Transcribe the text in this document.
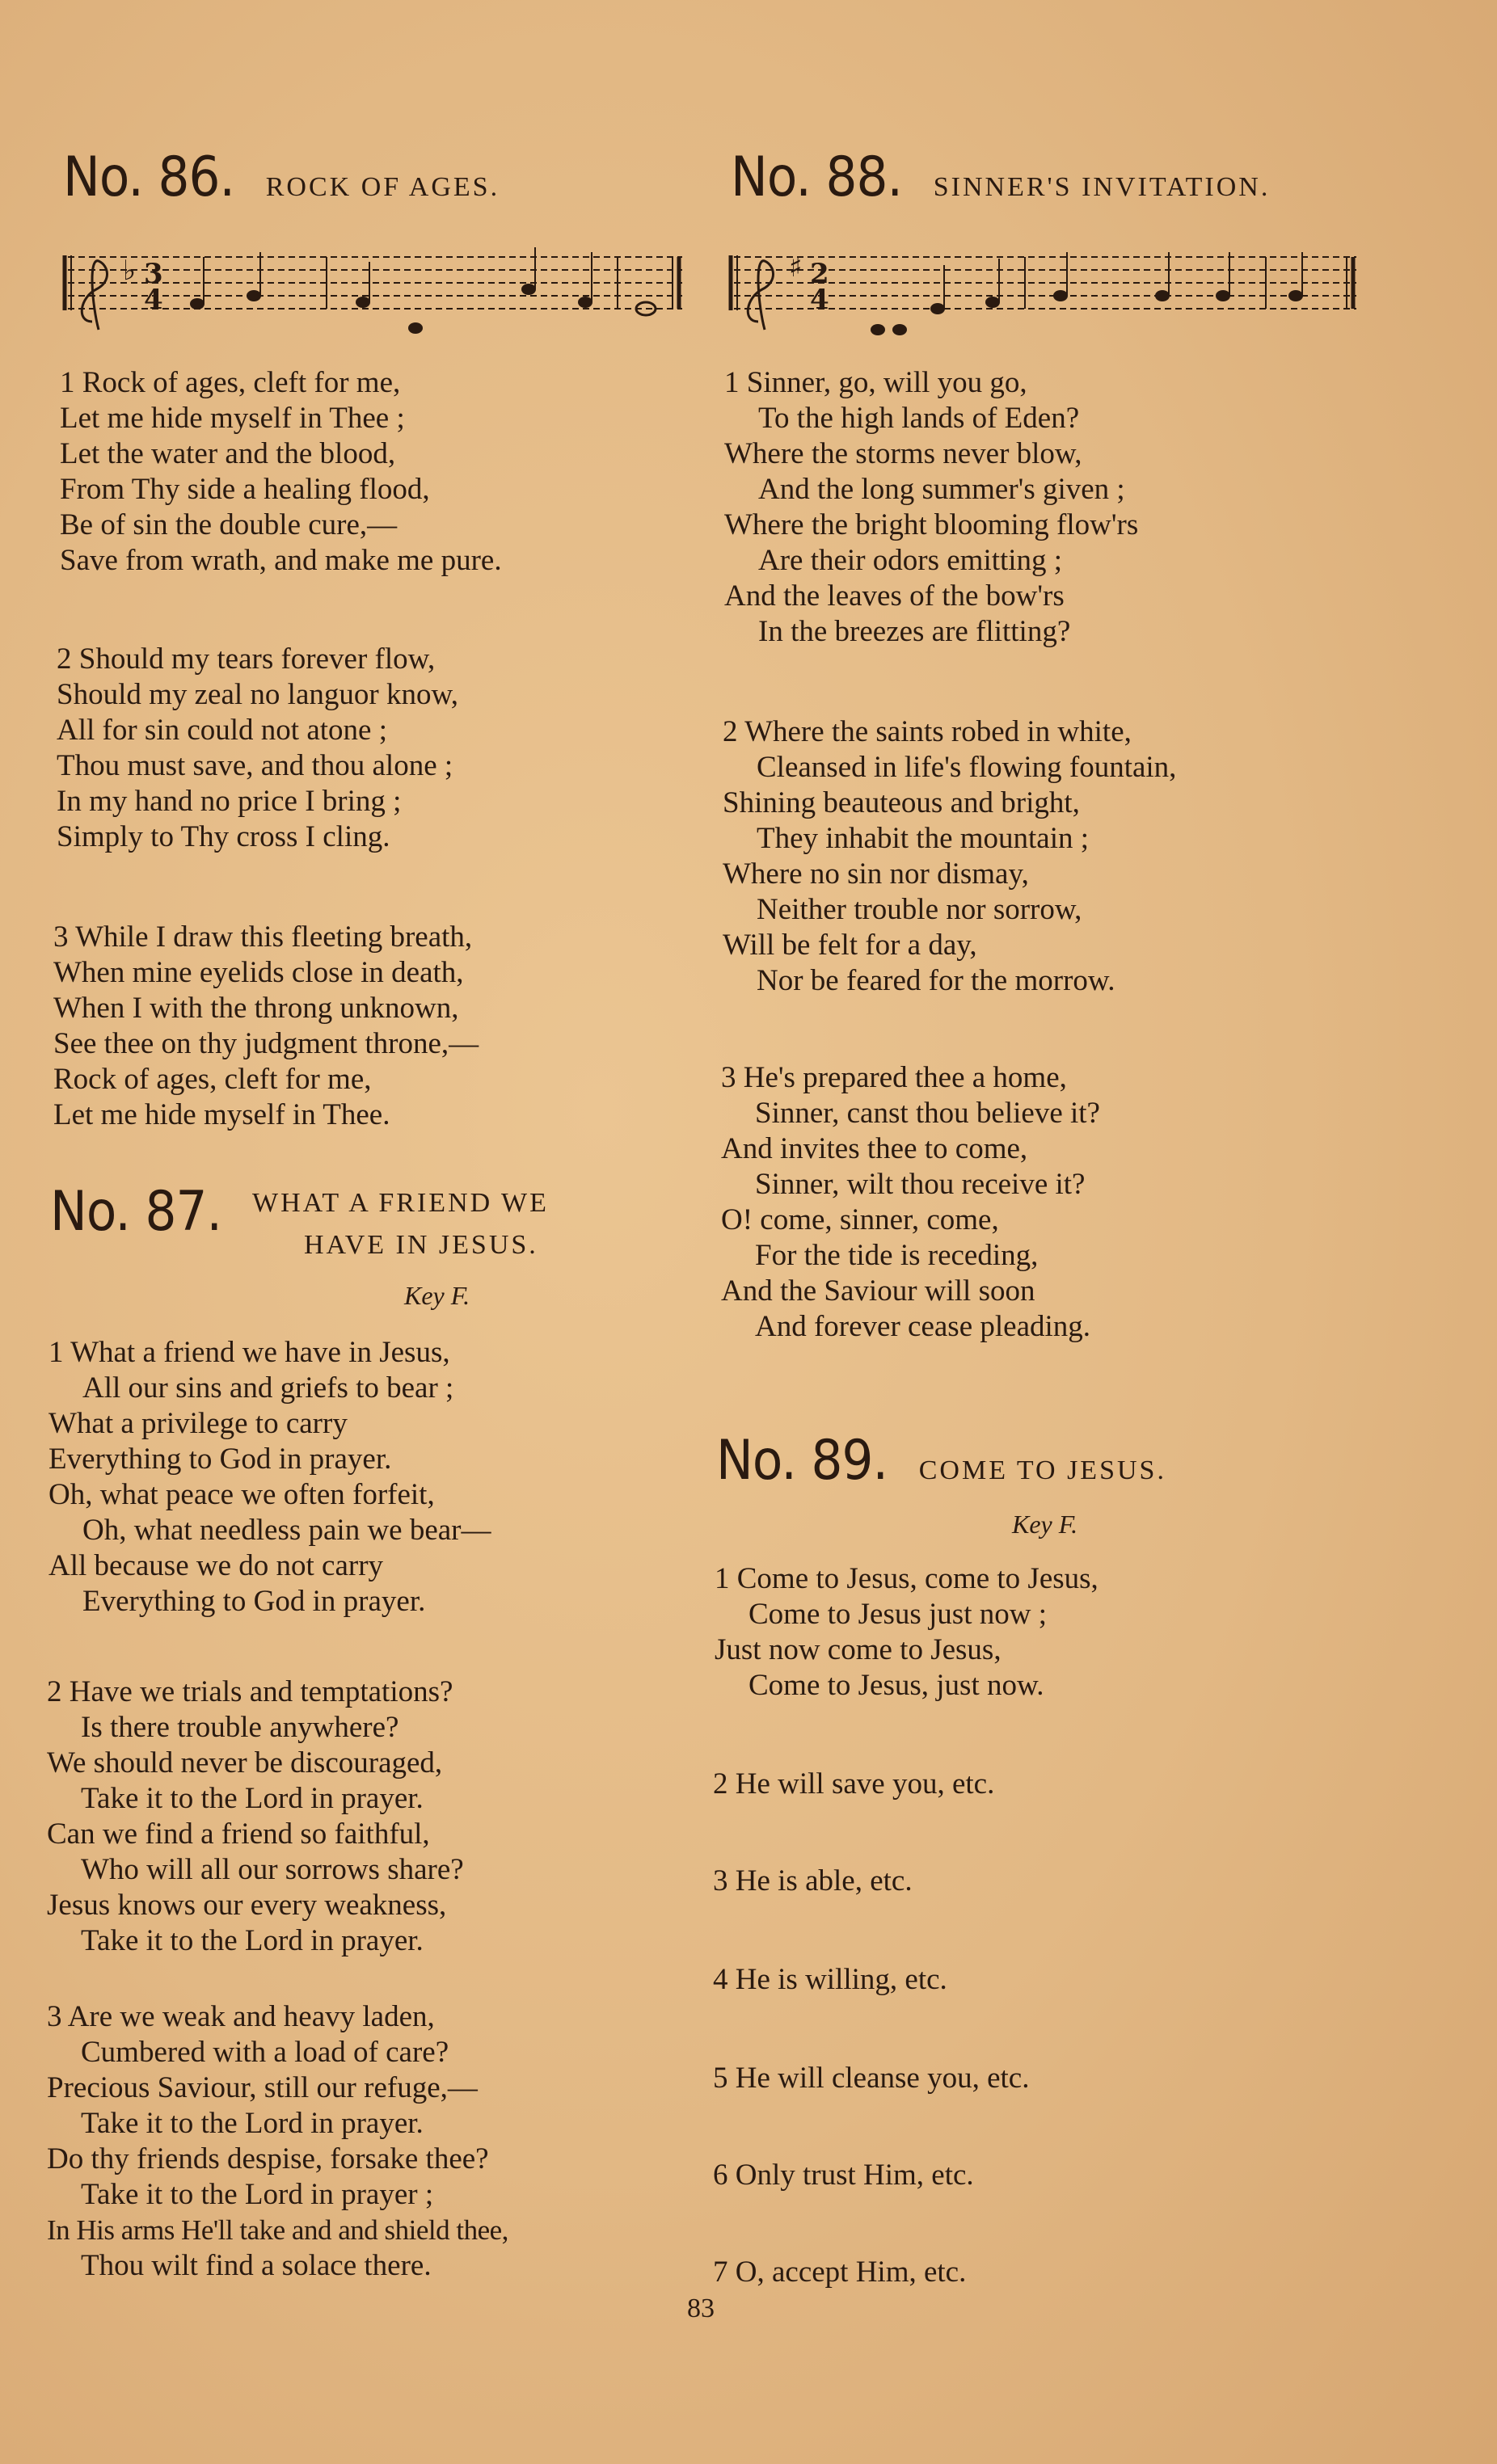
No. 86. ROCK OF AGES.
♭ 3
4
1 Rock of ages, cleft for me,
Let me hide myself in Thee ;
Let the water and the blood,
From Thy side a healing flood,
Be of sin the double cure,—
Save from wrath, and make me pure.
2 Should my tears forever flow,
Should my zeal no languor know,
All for sin could not atone ;
Thou must save, and thou alone ;
In my hand no price I bring ;
Simply to Thy cross I cling.
3 While I draw this fleeting breath,
When mine eyelids close in death,
When I with the throng unknown,
See thee on thy judgment throne,—
Rock of ages, cleft for me,
Let me hide myself in Thee.
No. 87.	WHAT A FRIEND WE
HAVE IN JESUS.
Key F.
1 What a friend we have in Jesus,
All our sins and griefs to bear ;
What a privilege to carry
Everything to God in prayer.
Oh, what peace we often forfeit,
Oh, what needless pain we bear—
All because we do not carry
Everything to God in prayer.
2 Have we trials and temptations?
Is there trouble anywhere?
We should never be discouraged,
Take it to the Lord in prayer.
Can we find a friend so faithful,
Who will all our sorrows share?
Jesus knows our every weakness,
Take it to the Lord in prayer.
3 Are we weak and heavy laden,
Cumbered with a load of care?
Precious Saviour, still our refuge,—
Take it to the Lord in prayer.
Do thy friends despise, forsake thee?
Take it to the Lord in prayer ;
In His arms He'll take and and shield thee,
Thou wilt find a solace there.
No. 88. SINNER'S INVITATION.
♯ 2
4
1 Sinner, go, will you go,
To the high lands of Eden?
Where the storms never blow,
And the long summer's given ;
Where the bright blooming flow'rs
Are their odors emitting ;
And the leaves of the bow'rs
In the breezes are flitting?
2 Where the saints robed in white,
Cleansed in life's flowing fountain,
Shining beauteous and bright,
They inhabit the mountain ;
Where no sin nor dismay,
Neither trouble nor sorrow,
Will be felt for a day,
Nor be feared for the morrow.
3 He's prepared thee a home,
Sinner, canst thou believe it?
And invites thee to come,
Sinner, wilt thou receive it?
O! come, sinner, come,
For the tide is receding,
And the Saviour will soon
And forever cease pleading.
No. 89. COME TO JESUS.
Key F.
1 Come to Jesus, come to Jesus,
Come to Jesus just now ;
Just now come to Jesus,
Come to Jesus, just now.
2 He will save you, etc.
3 He is able, etc.
4 He is willing, etc.
5 He will cleanse you, etc.
6 Only trust Him, etc.
7 O, accept Him, etc.
83
